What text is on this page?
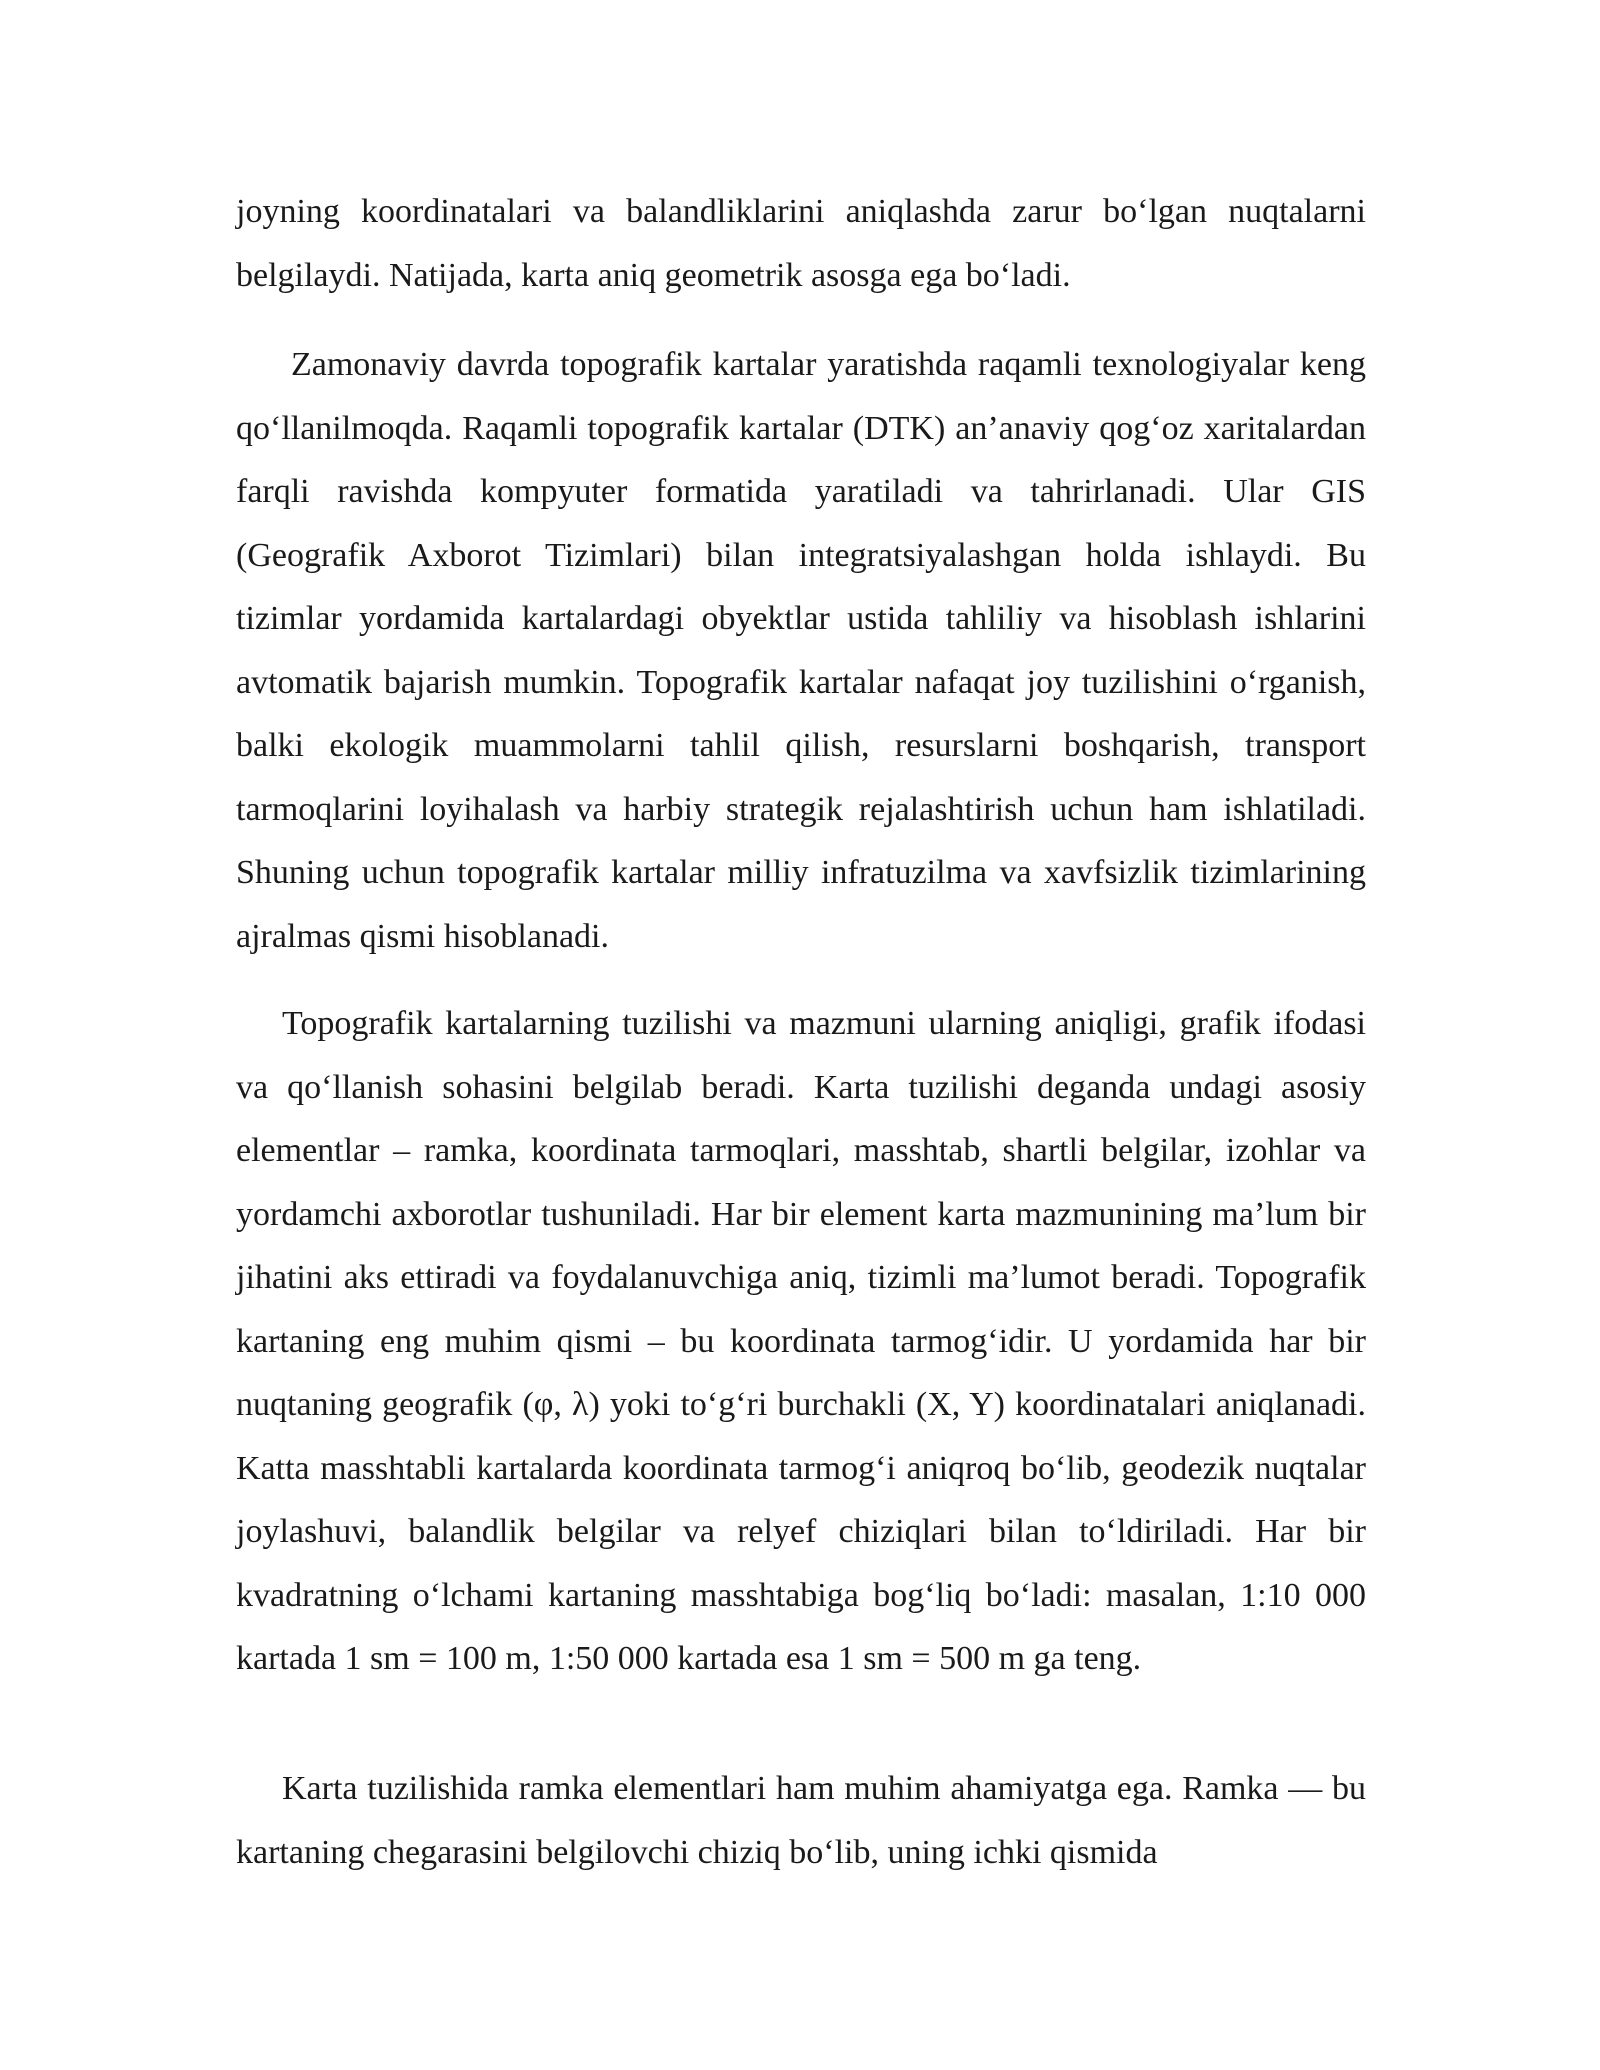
joyning koordinatalari va balandliklarini aniqlashda zarur bo‘lgan nuqtalarni belgilaydi. Natijada, karta aniq geometrik asosga ega bo‘ladi.

Zamonaviy davrda topografik kartalar yaratishda raqamli texnologiyalar keng qo‘llanilmoqda. Raqamli topografik kartalar (DTK) an’anaviy qog‘oz xaritalardan farqli ravishda kompyuter formatida yaratiladi va tahrirlanadi. Ular GIS (Geografik Axborot Tizimlari) bilan integratsiyalashgan holda ishlaydi. Bu tizimlar yordamida kartalardagi obyektlar ustida tahliliy va hisoblash ishlarini avtomatik bajarish mumkin. Topografik kartalar nafaqat joy tuzilishini o‘rganish, balki ekologik muammolarni tahlil qilish, resurslarni boshqarish, transport tarmoqlarini loyihalash va harbiy strategik rejalashtirish uchun ham ishlatiladi. Shuning uchun topografik kartalar milliy infratuzilma va xavfsizlik tizimlarining ajralmas qismi hisoblanadi.

Topografik kartalarning tuzilishi va mazmuni ularning aniqligi, grafik ifodasi va qo‘llanish sohasini belgilab beradi. Karta tuzilishi deganda undagi asosiy elementlar – ramka, koordinata tarmoqlari, masshtab, shartli belgilar, izohlar va yordamchi axborotlar tushuniladi. Har bir element karta mazmunining ma’lum bir jihatini aks ettiradi va foydalanuvchiga aniq, tizimli ma’lumot beradi. Topografik kartaning eng muhim qismi – bu koordinata tarmog‘idir. U yordamida har bir nuqtaning geografik (φ, λ) yoki to‘g‘ri burchakli (X, Y) koordinatalari aniqlanadi. Katta masshtabli kartalarda koordinata tarmog‘i aniqroq bo‘lib, geodezik nuqtalar joylashuvi, balandlik belgilar va relyef chiziqlari bilan to‘ldiriladi. Har bir kvadratning o‘lchami kartaning masshtabiga bog‘liq bo‘ladi: masalan, 1:10 000 kartada 1 sm = 100 m, 1:50 000 kartada esa 1 sm = 500 m ga teng.

Karta tuzilishida ramka elementlari ham muhim ahamiyatga ega. Ramka — bu kartaning chegarasini belgilovchi chiziq bo‘lib, uning ichki qismida
